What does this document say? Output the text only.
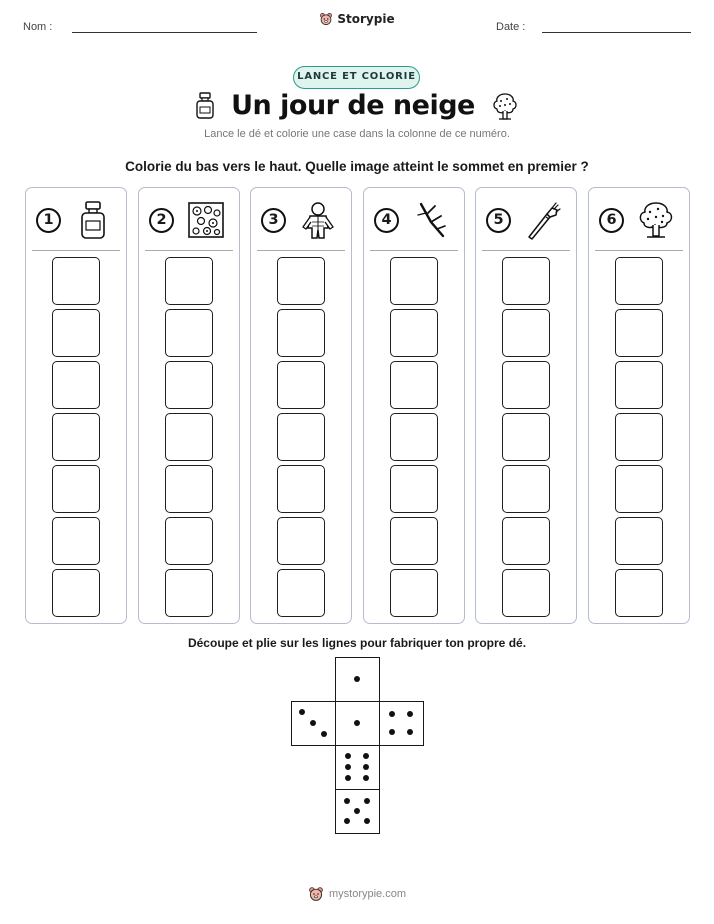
Nom :
Storypie
Date :
LANCE ET COLORIE
Un jour de neige
Lance le dé et colorie une case dans la colonne de ce numéro.
Colorie du bas vers le haut. Quelle image atteint le sommet en premier ?
1	2	3	4	5	6
Découpe et plie sur les lignes pour fabriquer ton propre dé.
mystorypie.com
